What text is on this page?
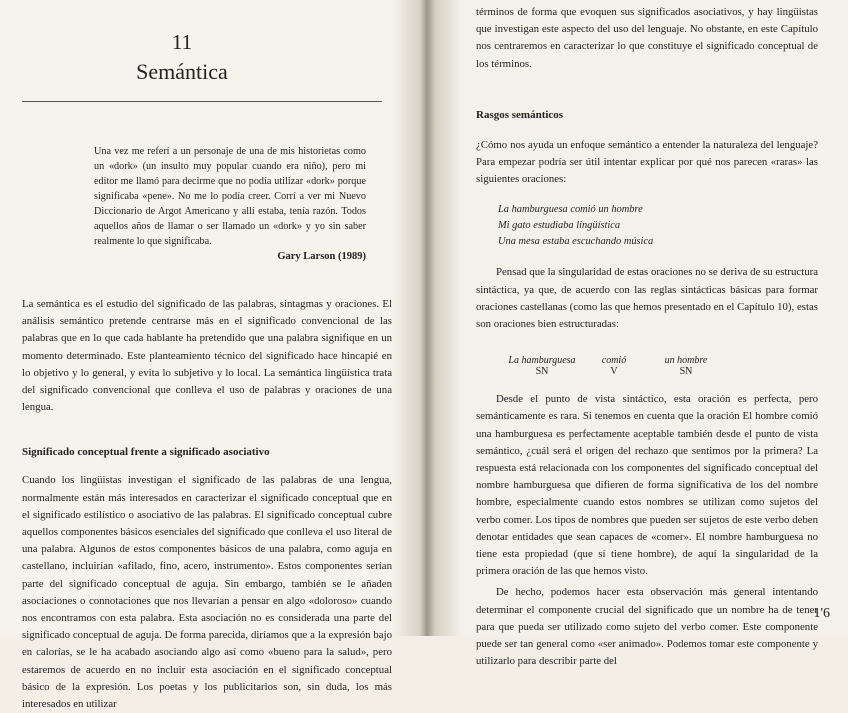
11
Semántica

Una vez me referí a un personaje de una de mis historietas como un «dork» (un insulto muy popular cuando era niño), pero mi editor me llamó para decirme que no podía utilizar «dork» porque significaba «pene». No me lo podía creer. Corrí a ver mi Nuevo Diccionario de Argot Americano y allí estaba, tenía razón. Todos aquellos años de llamar o ser llamado un «dork» y yo sin saber realmente lo que significaba.

Gary Larson (1989)

La semántica es el estudio del significado de las palabras, sintagmas y oraciones. El análisis semántico pretende centrarse más en el significado convencional de las palabras que en lo que cada hablante ha pretendido que una palabra signifique en un momento determinado. Este planteamiento técnico del significado hace hincapié en lo objetivo y lo general, y evita lo subjetivo y lo local. La semántica lingüística trata del significado convencional que conlleva el uso de palabras y oraciones de una lengua.

Significado conceptual frente a significado asociativo

Cuando los lingüistas investigan el significado de las palabras de una lengua, normalmente están más interesados en caracterizar el significado conceptual que en el significado estilístico o asociativo de las palabras. El significado conceptual cubre aquellos componentes básicos esenciales del significado que conlleva el uso literal de una palabra. Algunos de estos componentes básicos de una palabra, como aguja en castellano, incluirían «afilado, fino, acero, instrumento». Estos componentes serían parte del significado conceptual de aguja. Sin embargo, también se le añaden asociaciones o connotaciones que nos llevarían a pensar en algo «doloroso» cuando nos encontramos con esta palabra. Esta asociación no es considerada una parte del significado conceptual de aguja. De forma parecida, diríamos que a la expresión bajo en calorías, se le ha acabado asociando algo así como «bueno para la salud», pero estaremos de acuerdo en no incluir esta asociación en el significado conceptual básico de la expresión. Los poetas y los publicitarios son, sin duda, los más interesados en utilizar

términos de forma que evoquen sus significados asociativos, y hay lingüistas que investigan este aspecto del uso del lenguaje. No obstante, en este Capítulo nos centraremos en caracterizar lo que constituye el significado conceptual de los términos.

Rasgos semánticos

¿Cómo nos ayuda un enfoque semántico a entender la naturaleza del lenguaje? Para empezar podría ser útil intentar explicar por qué nos parecen «raras» las siguientes oraciones:

La hamburguesa comió un hombre
Mi gato estudiaba lingüística
Una mesa estaba escuchando música

Pensad que la singularidad de estas oraciones no se deriva de su estructura sintáctica, ya que, de acuerdo con las reglas sintácticas básicas para formar oraciones castellanas (como las que hemos presentado en el Capítulo 10), estas son oraciones bien estructuradas:

La hamburguesa	comió	un hombre
SN	V	SN

Desde el punto de vista sintáctico, esta oración es perfecta, pero semánticamente es rara. Si tenemos en cuenta que la oración El hombre comió una hamburguesa es perfectamente aceptable también desde el punto de vista semántico, ¿cuál será el origen del rechazo que sentimos por la primera? La respuesta está relacionada con los componentes del significado conceptual del nombre hamburguesa que difieren de forma significativa de los del nombre hombre, especialmente cuando estos nombres se utilizan como sujetos del verbo comer. Los tipos de nombres que pueden ser sujetos de este verbo deben denotar entidades que sean capaces de «comer». El nombre hamburguesa no tiene esta propiedad (que sí tiene hombre), de aquí la singularidad de la primera oración de las que hemos visto.

De hecho, podemos hacer esta observación más general intentando determinar el componente crucial del significado que un nombre ha de tener para que pueda ser utilizado como sujeto del verbo comer. Este componente puede ser tan general como «ser animado». Podemos tomar este componente y utilizarlo para describir parte del

1'6
